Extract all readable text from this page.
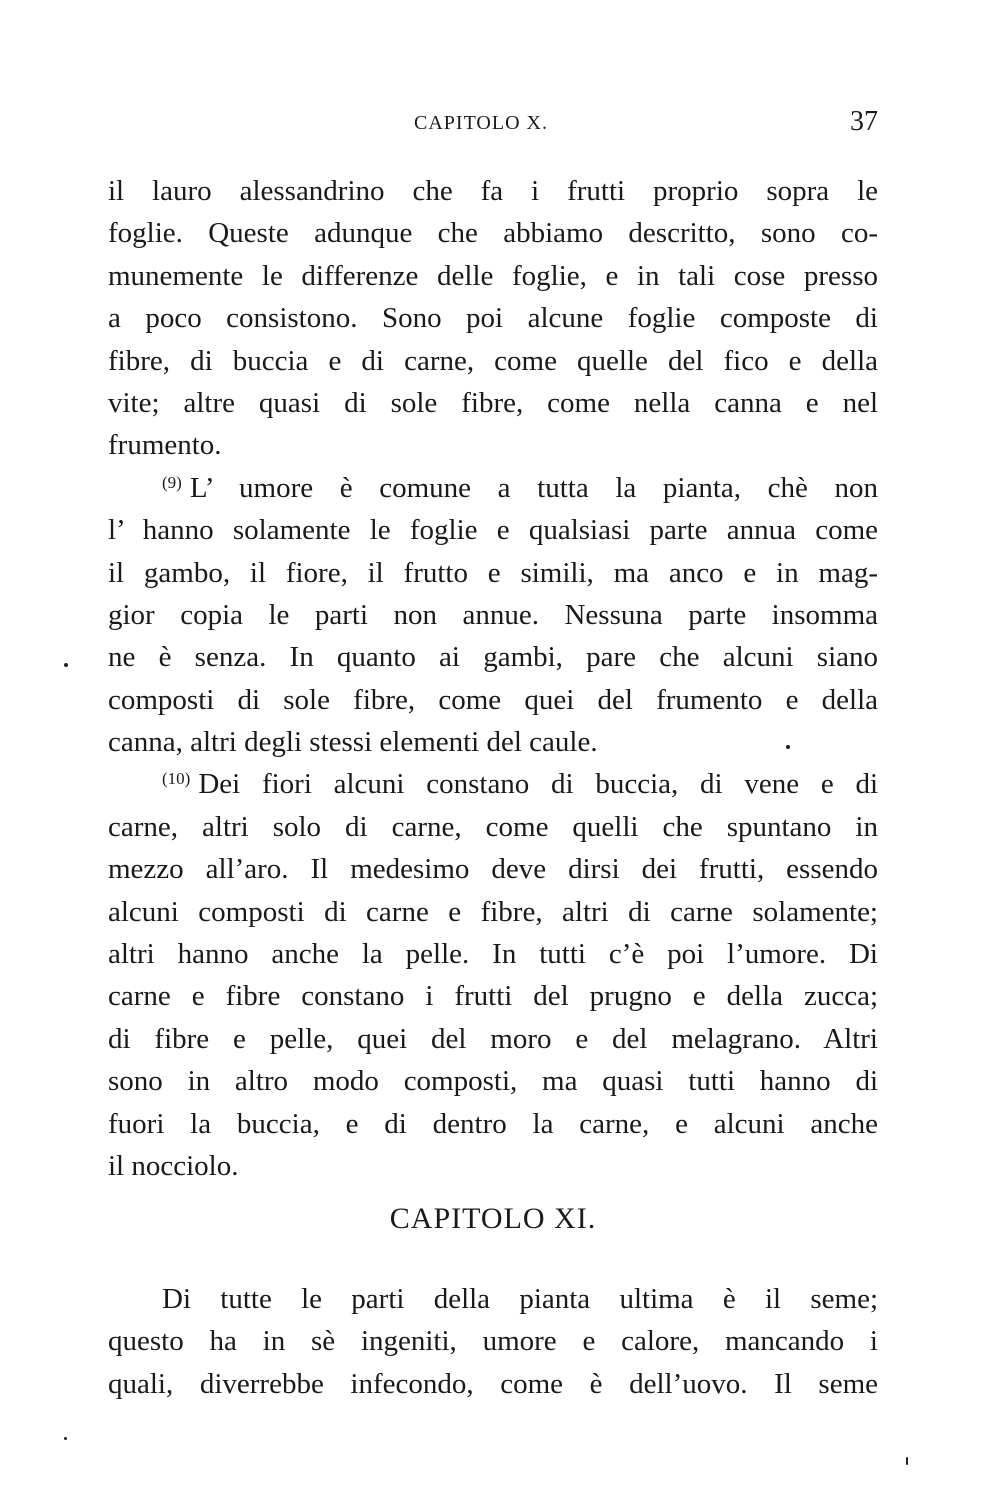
CAPITOLO X.	37
il lauro alessandrino che fa i frutti proprio sopra le
foglie. Queste adunque che abbiamo descritto, sono co-
munemente le differenze delle foglie, e in tali cose presso
a poco consistono. Sono poi alcune foglie composte di
fibre, di buccia e di carne, come quelle del fico e della
vite; altre quasi di sole fibre, come nella canna e nel
frumento.
$^{(9)}$ L’ umore è comune a tutta la pianta, chè non
l’ hanno solamente le foglie e qualsiasi parte annua come
il gambo, il fiore, il frutto e simili, ma anco e in mag-
gior copia le parti non annue. Nessuna parte insomma
ne è senza. In quanto ai gambi, pare che alcuni siano
composti di sole fibre, come quei del frumento e della
canna, altri degli stessi elementi del caule.
$^{(10)}$ Dei fiori alcuni constano di buccia, di vene e di
carne, altri solo di carne, come quelli che spuntano in
mezzo all’aro. Il medesimo deve dirsi dei frutti, essendo
alcuni composti di carne e fibre, altri di carne solamente;
altri hanno anche la pelle. In tutti c’è poi l’umore. Di
carne e fibre constano i frutti del prugno e della zucca;
di fibre e pelle, quei del moro e del melagrano. Altri
sono in altro modo composti, ma quasi tutti hanno di
fuori la buccia, e di dentro la carne, e alcuni anche
il nocciolo.
CAPITOLO XI.
Di tutte le parti della pianta ultima è il seme;
questo ha in sè ingeniti, umore e calore, mancando i
quali, diverrebbe infecondo, come è dell’uovo. Il seme
